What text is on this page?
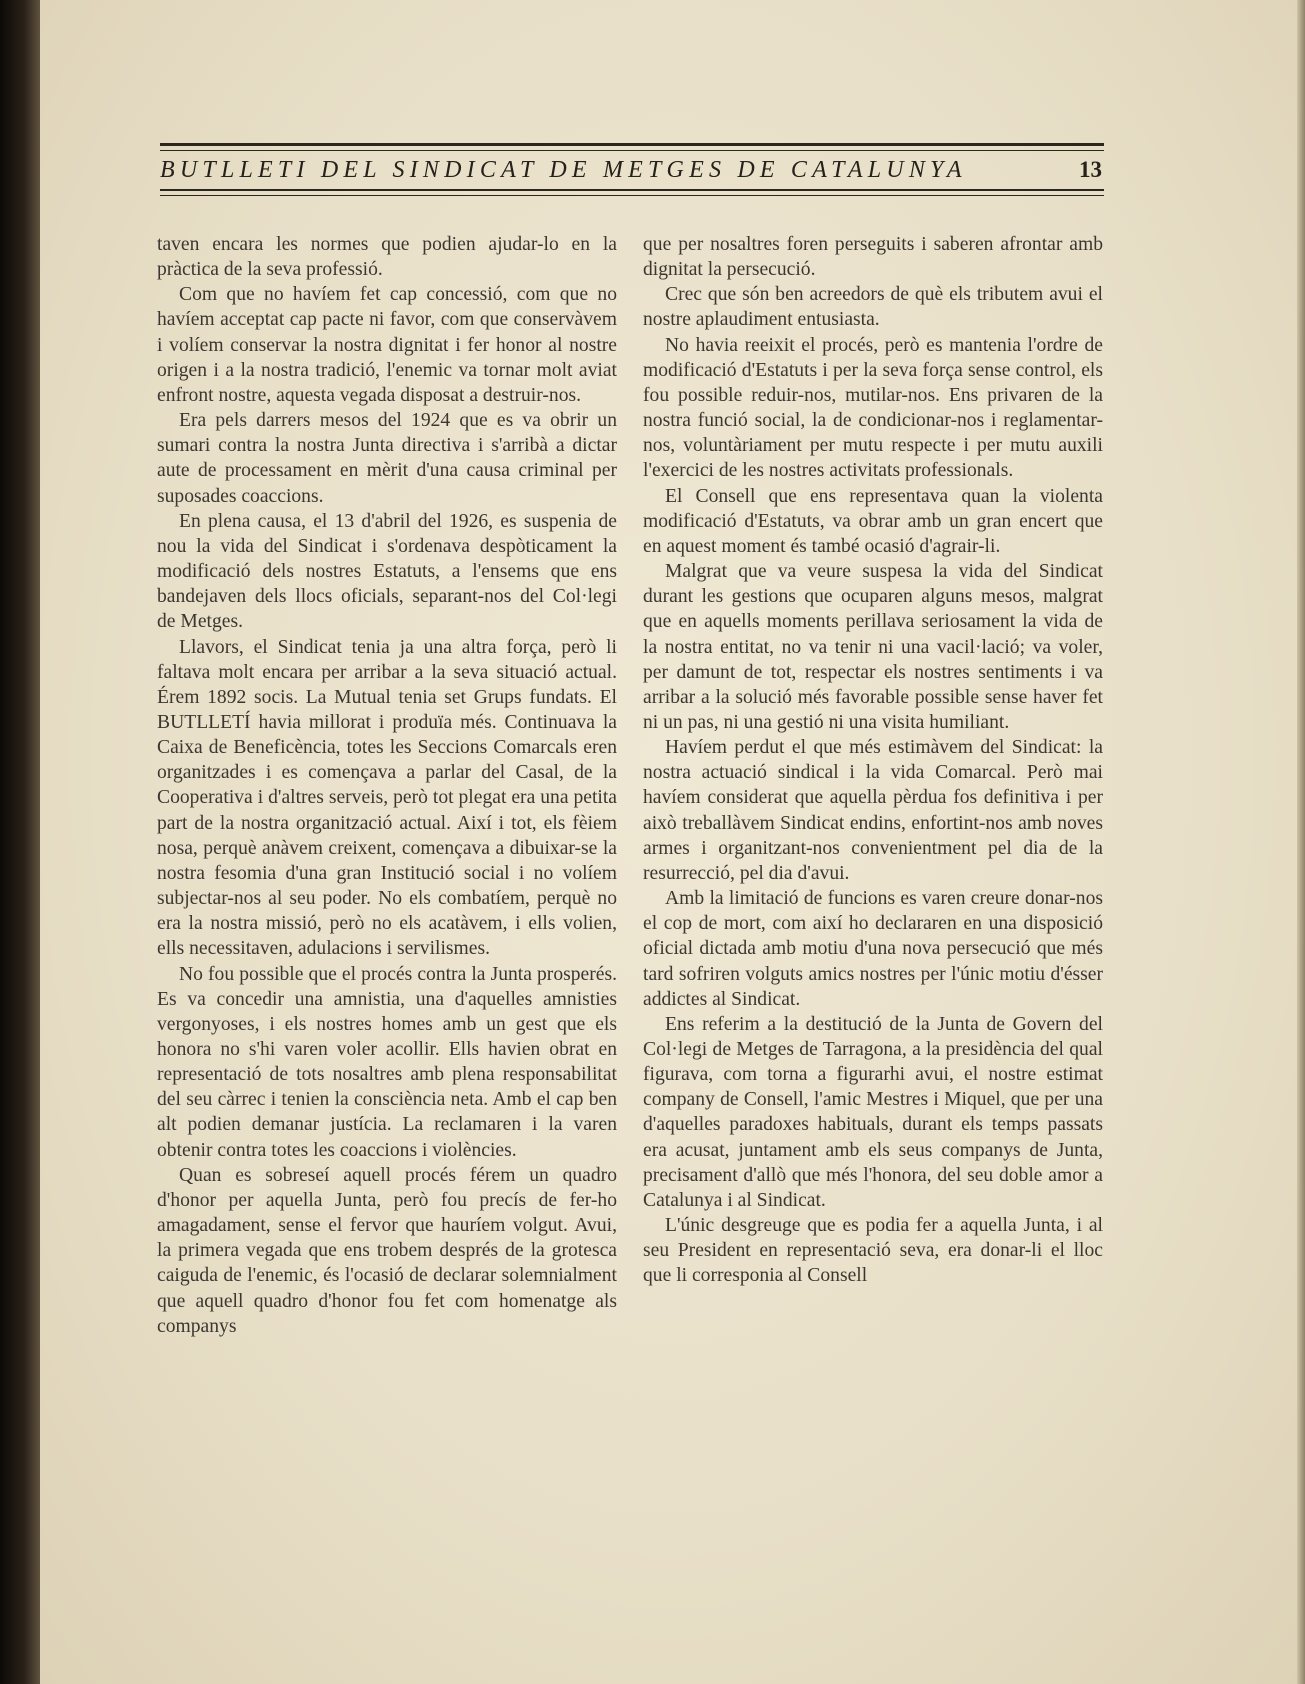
BUTLLETI DEL SINDICAT DE METGES DE CATALUNYA	13

taven encara les normes que podien ajudar-lo en la pràctica de la seva professió.

Com que no havíem fet cap concessió, com que no havíem acceptat cap pacte ni favor, com que conservàvem i volíem conservar la nostra dignitat i fer honor al nostre origen i a la nostra tradició, l'enemic va tornar molt aviat enfront nostre, aquesta vegada disposat a destruir-nos.

Era pels darrers mesos del 1924 que es va obrir un sumari contra la nostra Junta directiva i s'arribà a dictar aute de processament en mèrit d'una causa criminal per suposades coaccions.

En plena causa, el 13 d'abril del 1926, es suspenia de nou la vida del Sindicat i s'ordenava despòticament la modificació dels nostres Estatuts, a l'ensems que ens bandejaven dels llocs oficials, separant-nos del Col·legi de Metges.

Llavors, el Sindicat tenia ja una altra força, però li faltava molt encara per arribar a la seva situació actual. Érem 1892 socis. La Mutual tenia set Grups fundats. El BUTLLETÍ havia millorat i produïa més. Continuava la Caixa de Beneficència, totes les Seccions Comarcals eren organitzades i es començava a parlar del Casal, de la Cooperativa i d'altres serveis, però tot plegat era una petita part de la nostra organització actual. Així i tot, els fèiem nosa, perquè anàvem creixent, començava a dibuixar-se la nostra fesomia d'una gran Institució social i no volíem subjectar-nos al seu poder. No els combatíem, perquè no era la nostra missió, però no els acatàvem, i ells volien, ells necessitaven, adulacions i servilismes.

No fou possible que el procés contra la Junta prosperés. Es va concedir una amnistia, una d'aquelles amnisties vergonyoses, i els nostres homes amb un gest que els honora no s'hi varen voler acollir. Ells havien obrat en representació de tots nosaltres amb plena responsabilitat del seu càrrec i tenien la consciència neta. Amb el cap ben alt podien demanar justícia. La reclamaren i la varen obtenir contra totes les coaccions i violències.

Quan es sobreseí aquell procés férem un quadro d'honor per aquella Junta, però fou precís de fer-ho amagadament, sense el fervor que hauríem volgut. Avui, la primera vegada que ens trobem després de la grotesca caiguda de l'enemic, és l'ocasió de declarar solemnialment que aquell quadro d'honor fou fet com homenatge als companys

que per nosaltres foren perseguits i saberen afrontar amb dignitat la persecució.

Crec que són ben acreedors de què els tributem avui el nostre aplaudiment entusiasta.

No havia reeixit el procés, però es mantenia l'ordre de modificació d'Estatuts i per la seva força sense control, els fou possible reduir-nos, mutilar-nos. Ens privaren de la nostra funció social, la de condicionar-nos i reglamentar-nos, voluntàriament per mutu respecte i per mutu auxili l'exercici de les nostres activitats professionals.

El Consell que ens representava quan la violenta modificació d'Estatuts, va obrar amb un gran encert que en aquest moment és també ocasió d'agrair-li.

Malgrat que va veure suspesa la vida del Sindicat durant les gestions que ocuparen alguns mesos, malgrat que en aquells moments perillava seriosament la vida de la nostra entitat, no va tenir ni una vacil·lació; va voler, per damunt de tot, respectar els nostres sentiments i va arribar a la solució més favorable possible sense haver fet ni un pas, ni una gestió ni una visita humiliant.

Havíem perdut el que més estimàvem del Sindicat: la nostra actuació sindical i la vida Comarcal. Però mai havíem considerat que aquella pèrdua fos definitiva i per això treballàvem Sindicat endins, enfortint-nos amb noves armes i organitzant-nos convenientment pel dia de la resurrecció, pel dia d'avui.

Amb la limitació de funcions es varen creure donar-nos el cop de mort, com així ho declararen en una disposició oficial dictada amb motiu d'una nova persecució que més tard sofriren volguts amics nostres per l'únic motiu d'ésser addictes al Sindicat.

Ens referim a la destitució de la Junta de Govern del Col·legi de Metges de Tarragona, a la presidència del qual figurava, com torna a figurarhi avui, el nostre estimat company de Consell, l'amic Mestres i Miquel, que per una d'aquelles paradoxes habituals, durant els temps passats era acusat, juntament amb els seus companys de Junta, precisament d'allò que més l'honora, del seu doble amor a Catalunya i al Sindicat.

L'únic desgreuge que es podia fer a aquella Junta, i al seu President en representació seva, era donar-li el lloc que li corresponia al Consell
